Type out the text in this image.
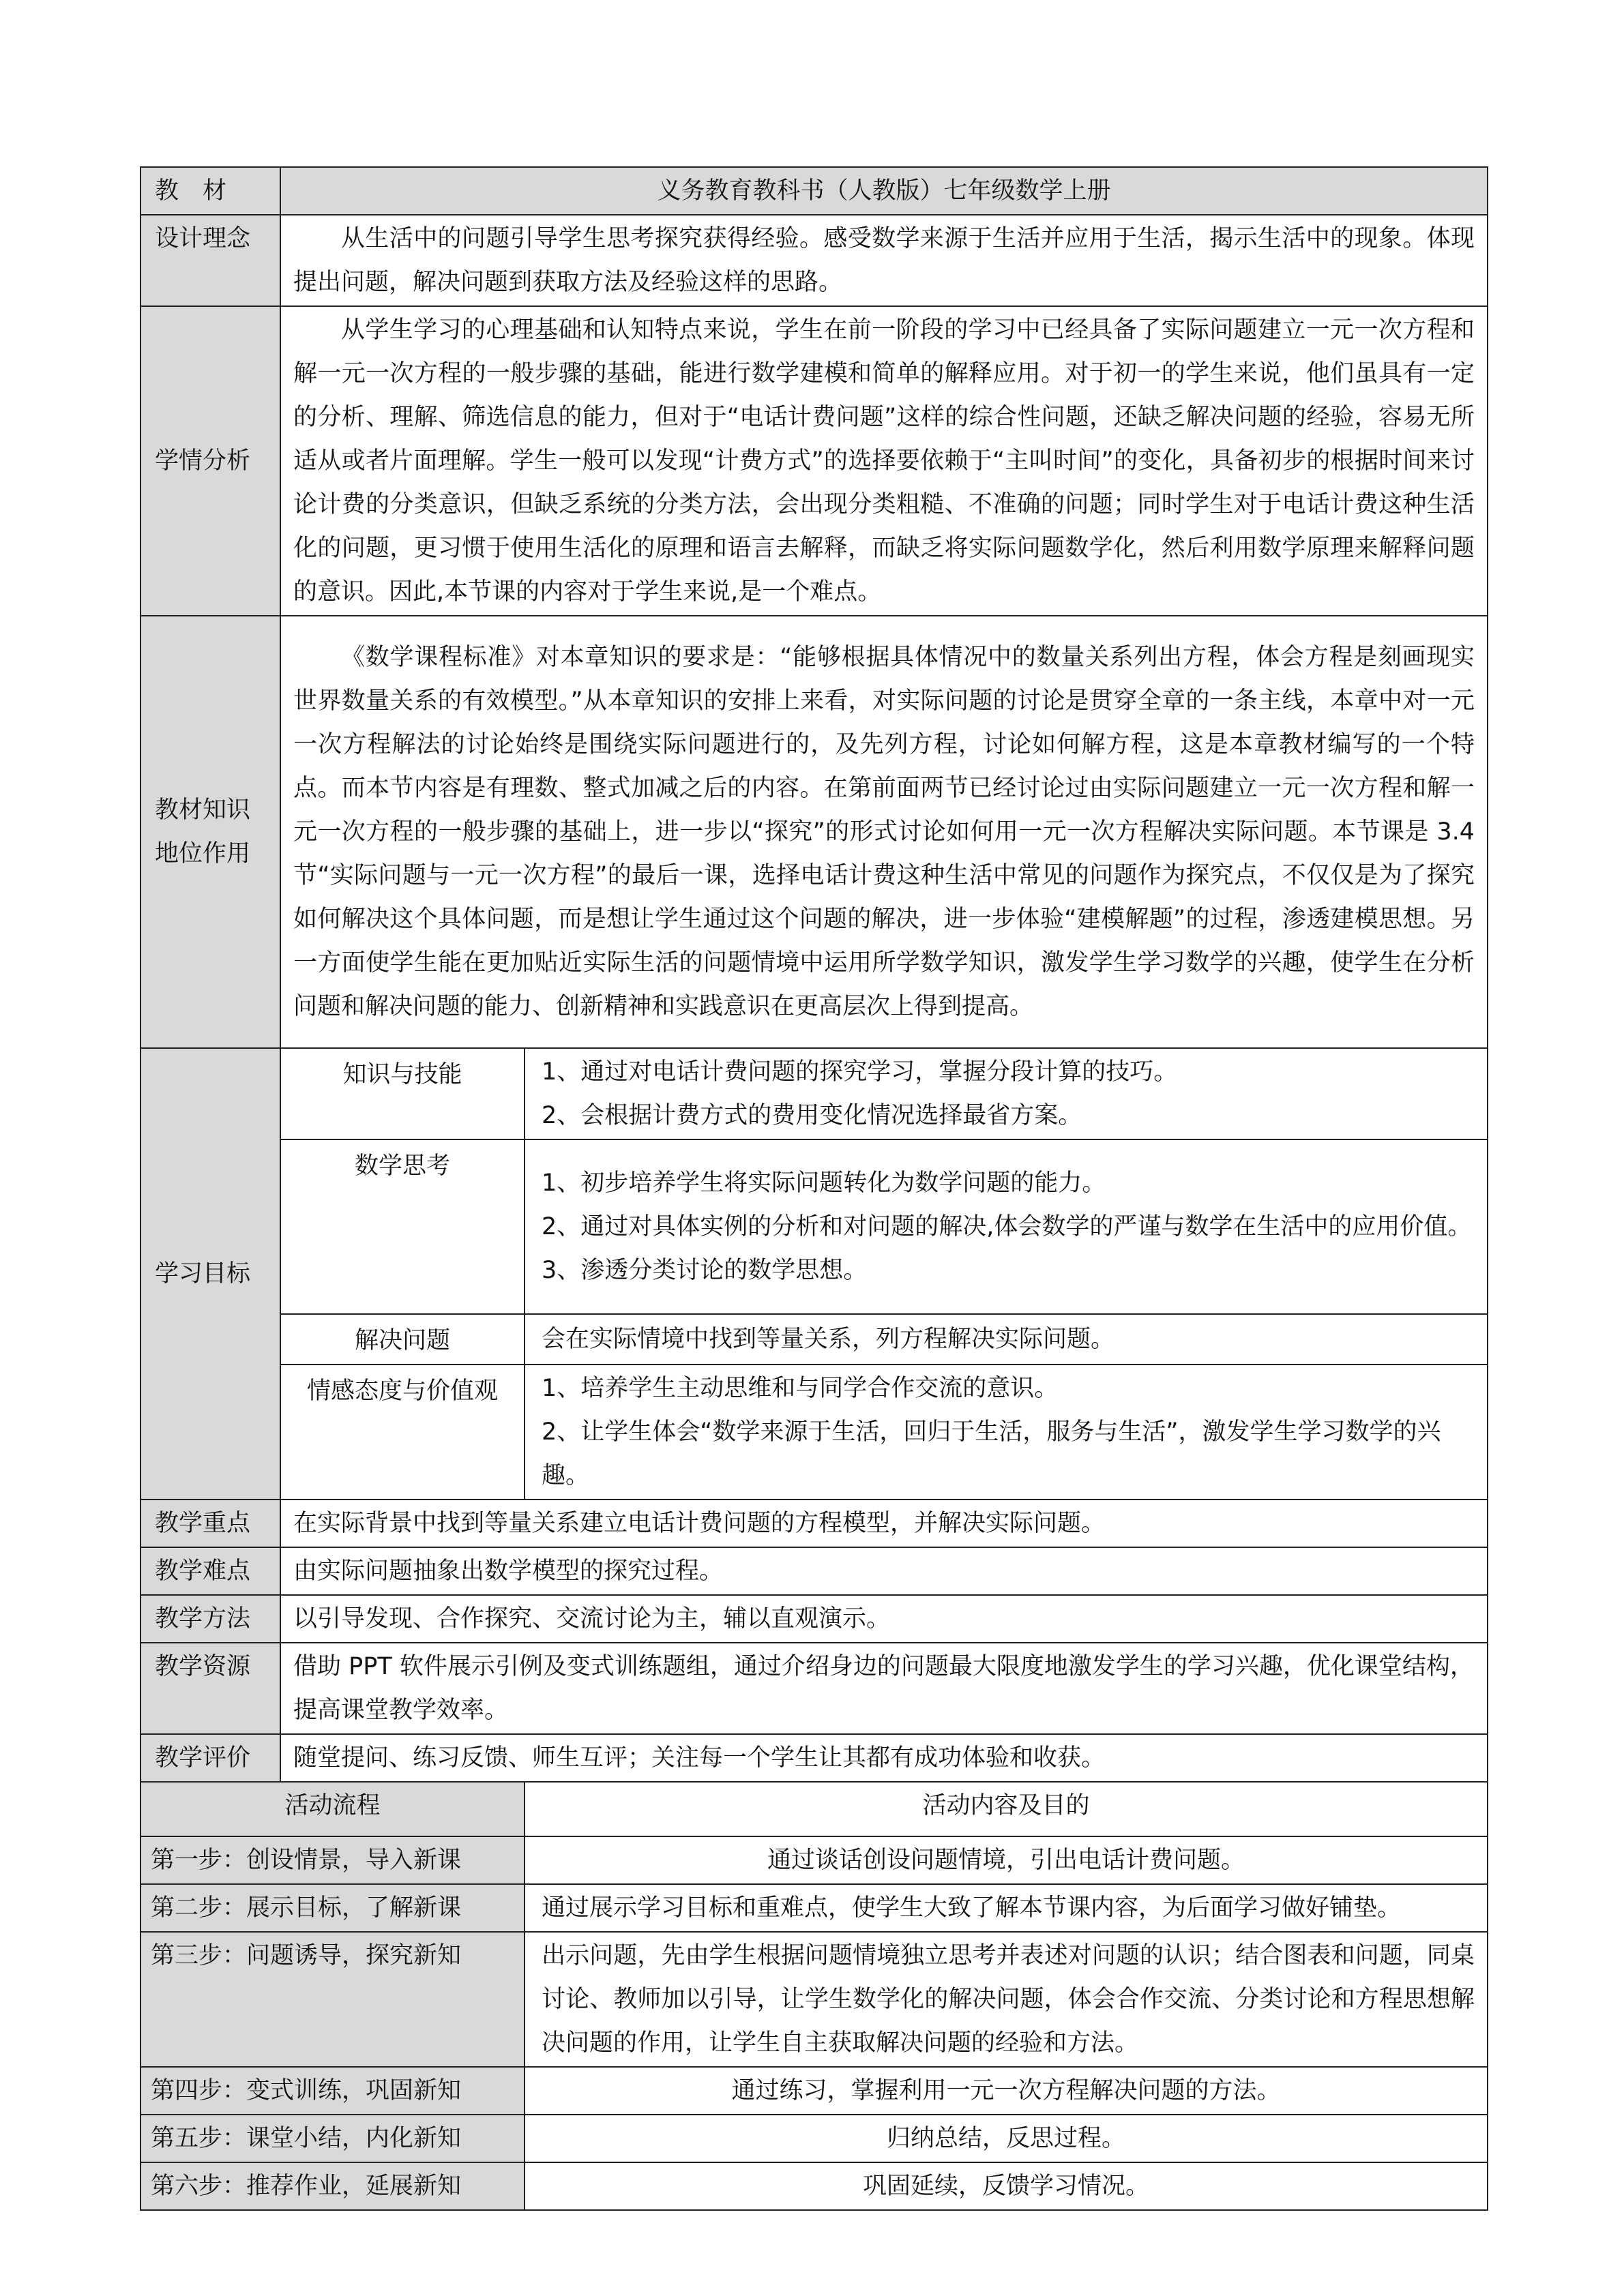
教　材	义务教育教科书（人教版）七年级数学上册	
设计理念	从生活中的问题引导学生思考探究获得经验。感受数学来源于生活并应用于生活，揭示生活中的现象。体现提出问题，解决问题到获取方法及经验这样的思路。	
学情分析	从学生学习的心理基础和认知特点来说，学生在前一阶段的学习中已经具备了实际问题建立一元一次方程和解一元一次方程的一般步骤的基础，能进行数学建模和简单的解释应用。对于初一的学生来说，他们虽具有一定的分析、理解、筛选信息的能力，但对于“电话计费问题”这样的综合性问题，还缺乏解决问题的经验，容易无所适从或者片面理解。学生一般可以发现“计费方式”的选择要依赖于“主叫时间”的变化，具备初步的根据时间来讨论计费的分类意识，但缺乏系统的分类方法，会出现分类粗糙、不准确的问题；同时学生对于电话计费这种生活化的问题，更习惯于使用生活化的原理和语言去解释，而缺乏将实际问题数学化，然后利用数学原理来解释问题的意识。因此,本节课的内容对于学生来说,是一个难点。	

教材知识
地位作用	《数学课程标准》对本章知识的要求是：“能够根据具体情况中的数量关系列出方程，体会方程是刻画现实世界数量关系的有效模型。”从本章知识的安排上来看，对实际问题的讨论是贯穿全章的一条主线，本章中对一元一次方程解法的讨论始终是围绕实际问题进行的，及先列方程，讨论如何解方程，这是本章教材编写的一个特点。而本节内容是有理数、整式加减之后的内容。在第前面两节已经讨论过由实际问题建立一元一次方程和解一元一次方程的一般步骤的基础上，进一步以“探究”的形式讨论如何用一元一次方程解决实际问题。本节课是 3.4 节“实际问题与一元一次方程”的最后一课，选择电话计费这种生活中常见的问题作为探究点，不仅仅是为了探究如何解决这个具体问题，而是想让学生通过这个问题的解决，进一步体验“建模解题”的过程，渗透建模思想。另一方面使学生能在更加贴近实际生活的问题情境中运用所学数学知识，激发学生学习数学的兴趣，使学生在分析问题和解决问题的能力、创新精神和实践意识在更高层次上得到提高。	
学习目标	知识与技能	1、通过对电话计费问题的探究学习，掌握分段计算的技巧。
2、会根据计费方式的费用变化情况选择最省方案。

	数学思考	1、初步培养学生将实际问题转化为数学问题的能力。
2、通过对具体实例的分析和对问题的解决,体会数学的严谨与数学在生活中的应用价值。
3、渗透分类讨论的数学思想。

	解决问题	会在实际情境中找到等量关系，列方程解决实际问题。

	情感态度与价值观	1、培养学生主动思维和与同学合作交流的意识。
2、让学生体会“数学来源于生活，回归于生活，服务与生活”，激发学生学习数学的兴趣。

教学重点	在实际背景中找到等量关系建立电话计费问题的方程模型，并解决实际问题。	
教学难点	由实际问题抽象出数学模型的探究过程。	
教学方法	以引导发现、合作探究、交流讨论为主，辅以直观演示。	
教学资源	借助 PPT 软件展示引例及变式训练题组，通过介绍身边的问题最大限度地激发学生的学习兴趣，优化课堂结构，提高课堂教学效率。	
教学评价	随堂提问、练习反馈、师生互评；关注每一个学生让其都有成功体验和收获。	
活动流程		活动内容及目的
第一步：创设情景，导入新课		通过谈话创设问题情境，引出电话计费问题。
第二步：展示目标，了解新课		通过展示学习目标和重难点，使学生大致了解本节课内容，为后面学习做好铺垫。
第三步：问题诱导，探究新知		出示问题，先由学生根据问题情境独立思考并表述对问题的认识；结合图表和问题，同桌讨论、教师加以引导，让学生数学化的解决问题，体会合作交流、分类讨论和方程思想解决问题的作用，让学生自主获取解决问题的经验和方法。
第四步：变式训练，巩固新知		通过练习，掌握利用一元一次方程解决问题的方法。
第五步：课堂小结，内化新知		归纳总结，反思过程。
第六步：推荐作业，延展新知		巩固延续，反馈学习情况。
